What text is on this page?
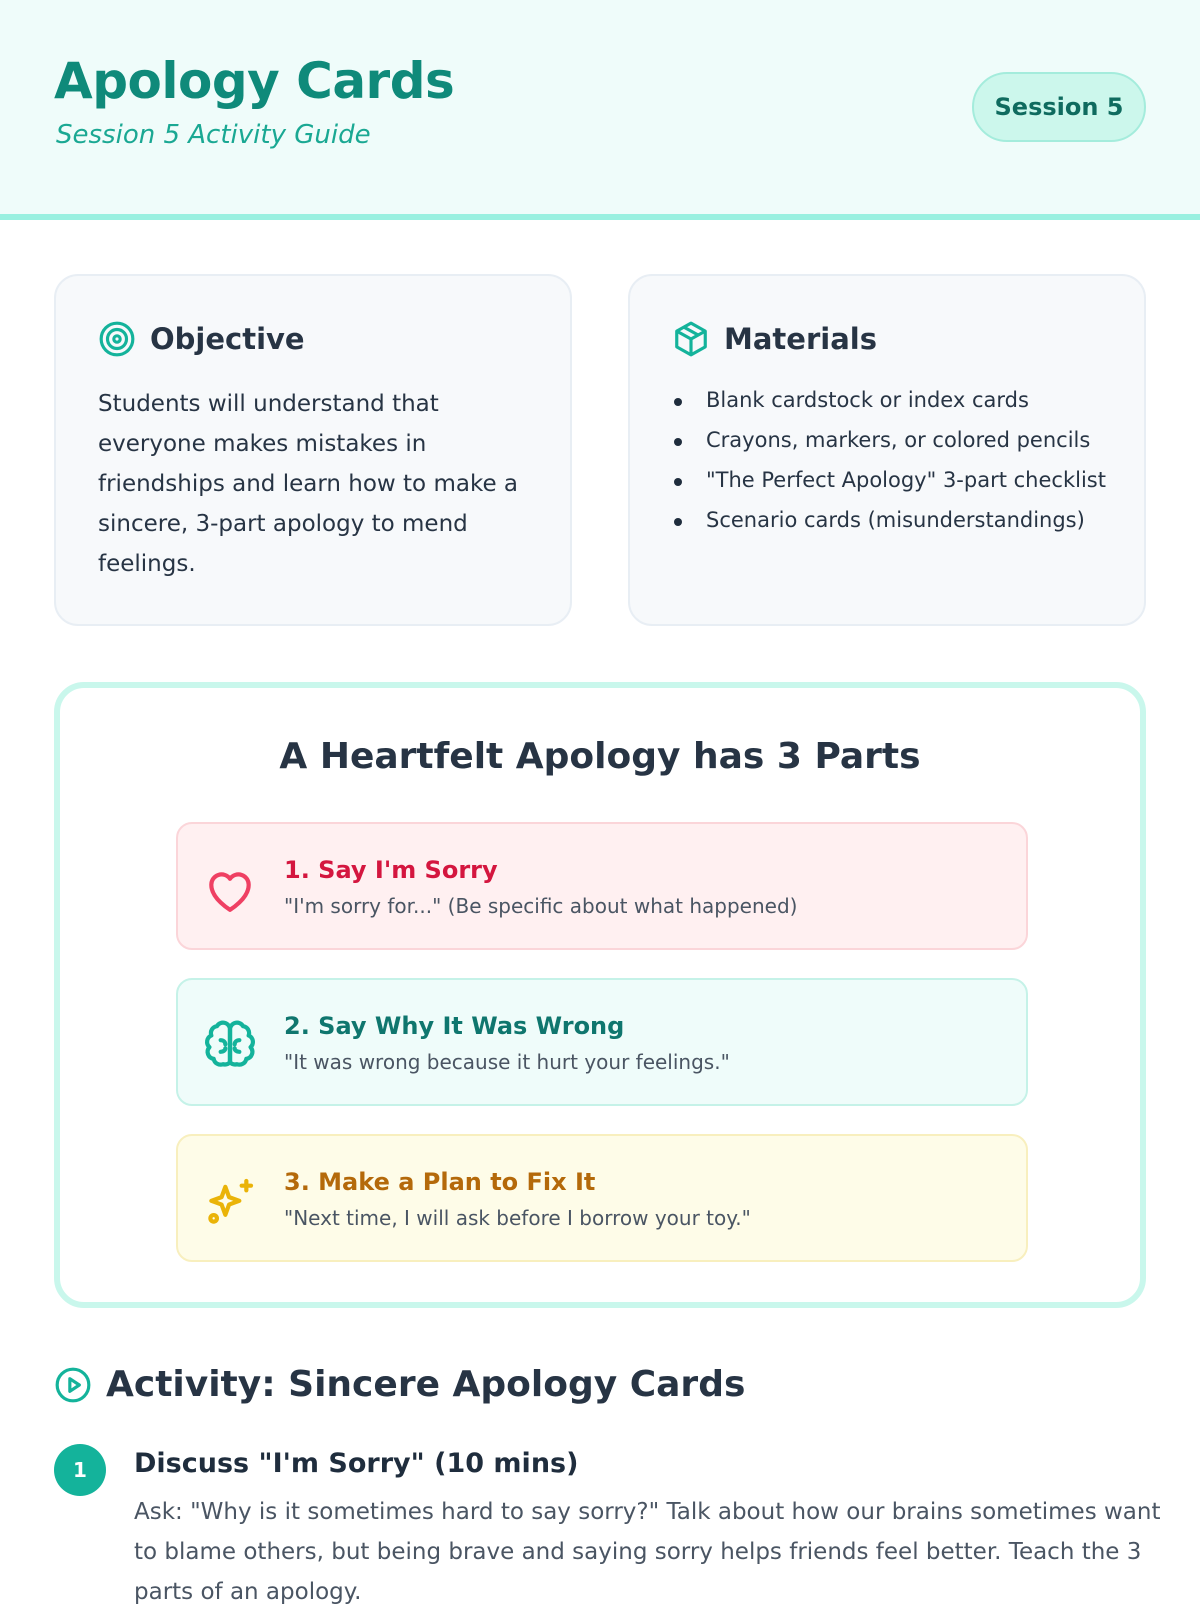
Apology Cards
Session 5 Activity Guide
Session 5
Objective

Students will understand that everyone makes mistakes in friendships and learn how to make a sincere, 3-part apology to mend feelings.

Materials
Blank cardstock or index cards
Crayons, markers, or colored pencils
"The Perfect Apology" 3-part checklist
Scenario cards (misunderstandings)
A Heartfelt Apology has 3 Parts
1. Say I'm Sorry
"I'm sorry for..." (Be specific about what happened)
2. Say Why It Was Wrong
"It was wrong because it hurt your feelings."
3. Make a Plan to Fix It
"Next time, I will ask before I borrow your toy."
Activity: Sincere Apology Cards
1	Discuss "I'm Sorry" (10 mins)

Ask: "Why is it sometimes hard to say sorry?" Talk about how our brains sometimes want to blame others, but being brave and saying sorry helps friends feel better. Teach the 3 parts of an apology.
